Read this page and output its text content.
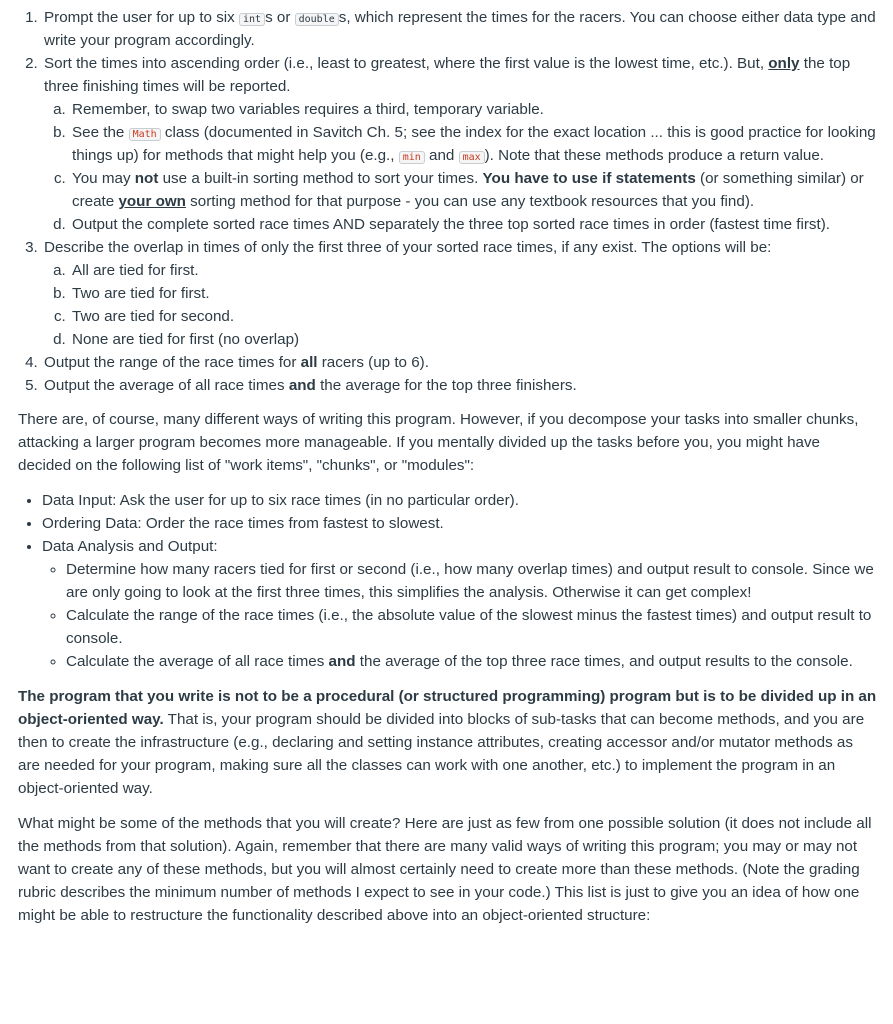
1. Prompt the user for up to six int s or double s, which represent the times for the racers. You can choose either data type and write your program accordingly.
2. Sort the times into ascending order (i.e., least to greatest, where the first value is the lowest time, etc.). But, only the top three finishing times will be reported.
a. Remember, to swap two variables requires a third, temporary variable.
b. See the Math class (documented in Savitch Ch. 5; see the index for the exact location ... this is good practice for looking things up) for methods that might help you (e.g., min and max ). Note that these methods produce a return value.
c. You may not use a built-in sorting method to sort your times. You have to use if statements (or something similar) or create your own sorting method for that purpose - you can use any textbook resources that you find).
d. Output the complete sorted race times AND separately the three top sorted race times in order (fastest time first).
3. Describe the overlap in times of only the first three of your sorted race times, if any exist. The options will be:
a. All are tied for first.
b. Two are tied for first.
c. Two are tied for second.
d. None are tied for first (no overlap)
4. Output the range of the race times for all racers (up to 6).
5. Output the average of all race times and the average for the top three finishers.

There are, of course, many different ways of writing this program. However, if you decompose your tasks into smaller chunks, attacking a larger program becomes more manageable. If you mentally divided up the tasks before you, you might have decided on the following list of "work items", "chunks", or "modules":

• Data Input: Ask the user for up to six race times (in no particular order).
• Ordering Data: Order the race times from fastest to slowest.
• Data Analysis and Output:
◦ Determine how many racers tied for first or second (i.e., how many overlap times) and output result to console. Since we are only going to look at the first three times, this simplifies the analysis. Otherwise it can get complex!
◦ Calculate the range of the race times (i.e., the absolute value of the slowest minus the fastest times) and output result to console.
◦ Calculate the average of all race times and the average of the top three race times, and output results to the console.

The program that you write is not to be a procedural (or structured programming) program but is to be divided up in an object-oriented way. That is, your program should be divided into blocks of sub-tasks that can become methods, and you are then to create the infrastructure (e.g., declaring and setting instance attributes, creating accessor and/or mutator methods as are needed for your program, making sure all the classes can work with one another, etc.) to implement the program in an object-oriented way.

What might be some of the methods that you will create? Here are just as few from one possible solution (it does not include all the methods from that solution). Again, remember that there are many valid ways of writing this program; you may or may not want to create any of these methods, but you will almost certainly need to create more than these methods. (Note the grading rubric describes the minimum number of methods I expect to see in your code.) This list is just to give you an idea of how one might be able to restructure the functionality described above into an object-oriented structure:
